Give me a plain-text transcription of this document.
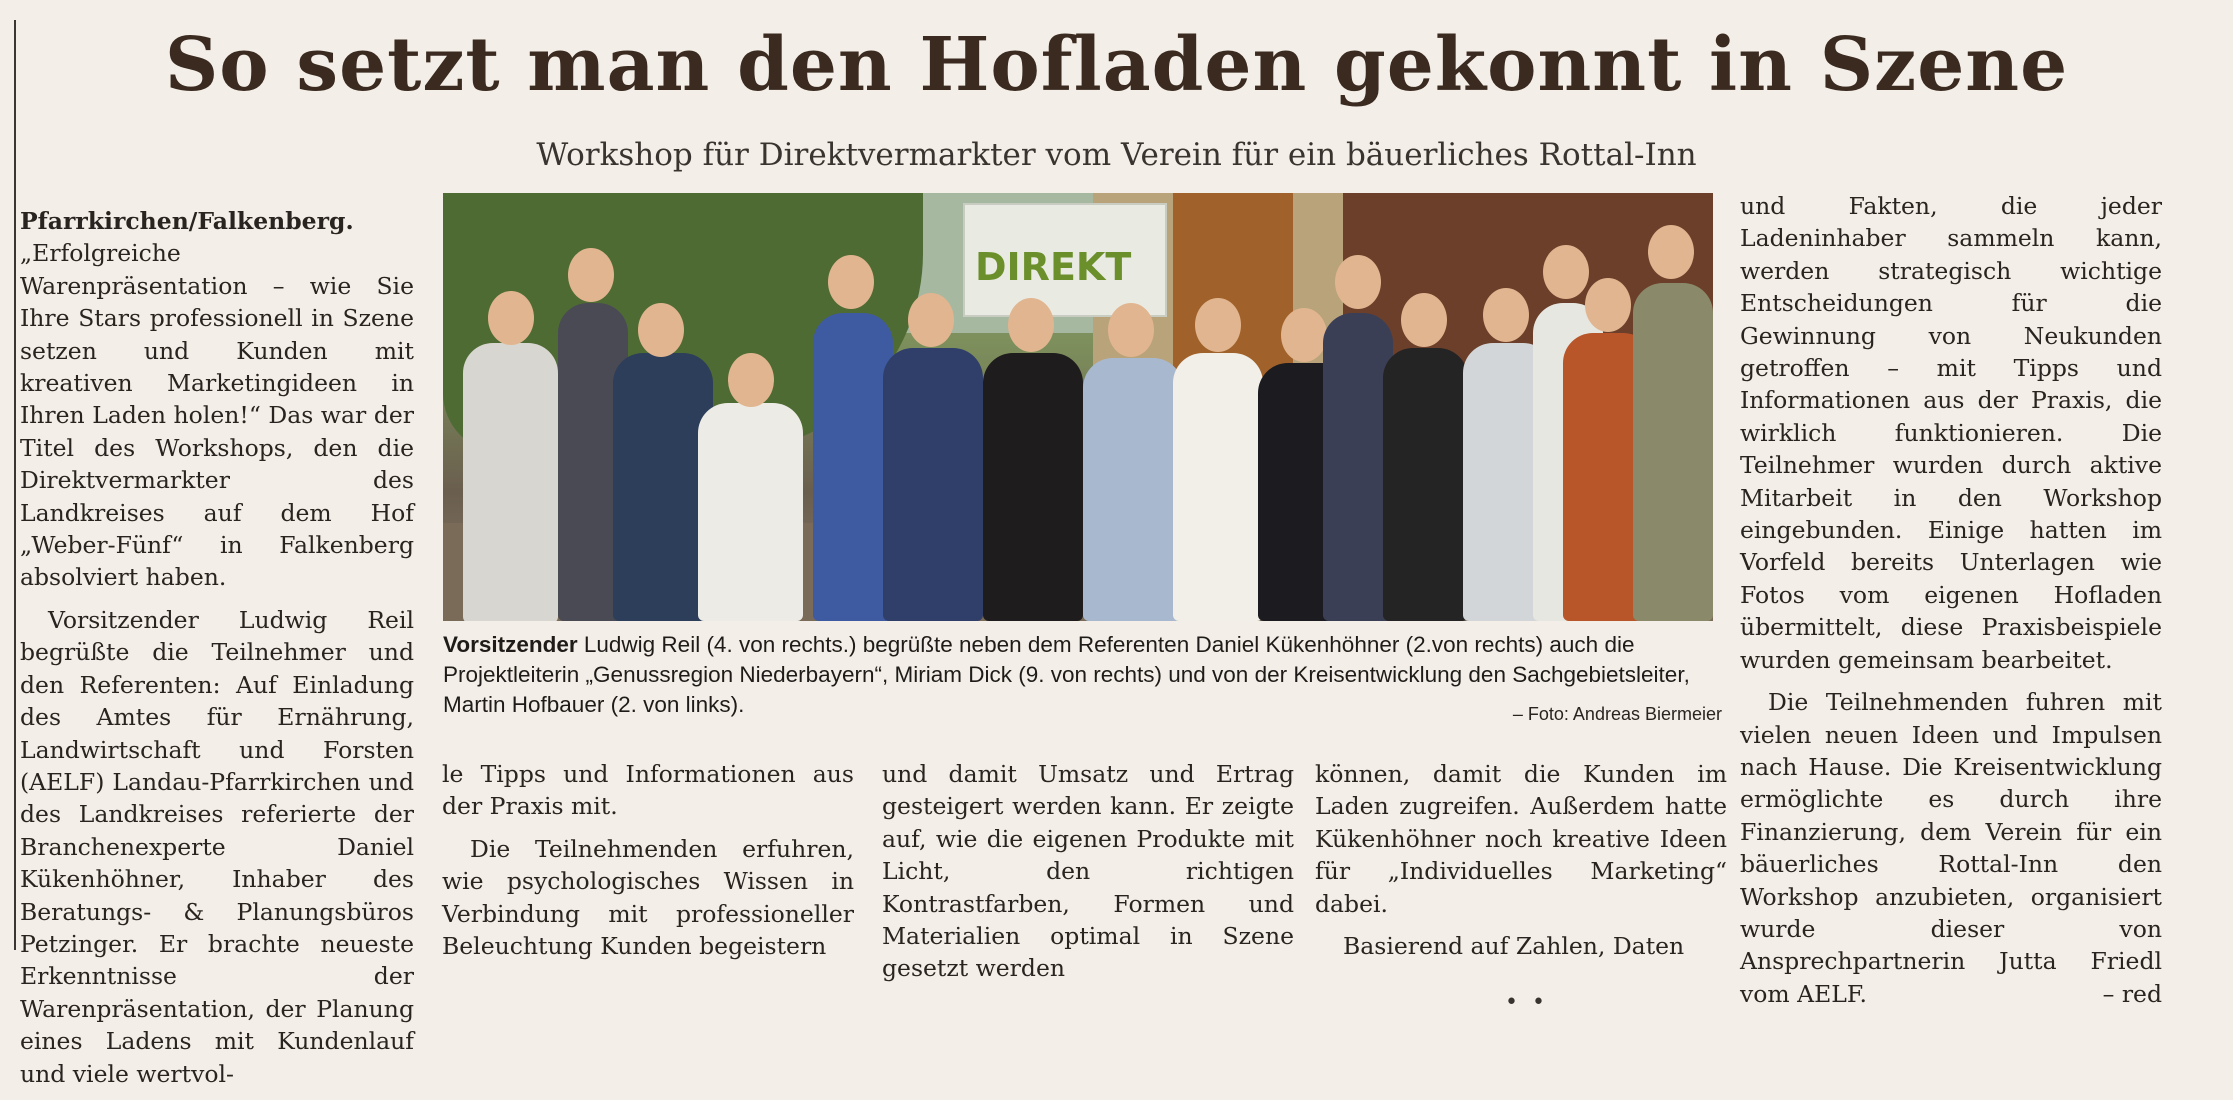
So setzt man den Hofladen gekonnt in Szene
Workshop für Direktvermarkter vom Verein für ein bäuerliches Rottal-Inn

Pfarrkirchen/Falkenberg. „Erfolgreiche Warenpräsentation – wie Sie Ihre Stars professionell in Szene setzen und Kunden mit kreativen Marketingideen in Ihren Laden holen!“ Das war der Titel des Workshops, den die Direktvermarkter des Landkreises auf dem Hof „Weber-Fünf“ in Falkenberg absolviert haben.

Vorsitzender Ludwig Reil begrüßte die Teilnehmer und den Referenten: Auf Einladung des Amtes für Ernährung, Landwirtschaft und Forsten (AELF) Landau-Pfarrkirchen und des Landkreises referierte der Branchenexperte Daniel Kükenhöhner, Inhaber des Beratungs- & Planungsbüros Petzinger. Er brachte neueste Erkenntnisse der Warenpräsentation, der Planung eines Ladens mit Kundenlauf und viele wertvol-

DIREKT
Vorsitzender Ludwig Reil (4. von rechts.) begrüßte neben dem Referenten Daniel Kükenhöhner (2.von rechts) auch die Projektleiterin „Genussregion Niederbayern“, Miriam Dick (9. von rechts) und von der Kreisentwicklung den Sachgebietsleiter, Martin Hofbauer (2. von links).	– Foto: Andreas Biermeier

le Tipps und Informationen aus der Praxis mit.

Die Teilnehmenden erfuhren, wie psychologisches Wissen in Verbindung mit professioneller Beleuchtung Kunden begeistern

und damit Umsatz und Ertrag gesteigert werden kann. Er zeigte auf, wie die eigenen Produkte mit Licht, den richtigen Kontrastfarben, Formen und Materialien optimal in Szene gesetzt werden

können, damit die Kunden im Laden zugreifen. Außerdem hatte Kükenhöhner noch kreative Ideen für „Individuelles Marketing“ dabei.

Basierend auf Zahlen, Daten

und Fakten, die jeder Ladeninhaber sammeln kann, werden strategisch wichtige Entscheidungen für die Gewinnung von Neukunden getroffen – mit Tipps und Informationen aus der Praxis, die wirklich funktionieren. Die Teilnehmer wurden durch aktive Mitarbeit in den Workshop eingebunden. Einige hatten im Vorfeld bereits Unterlagen wie Fotos vom eigenen Hofladen übermittelt, diese Praxisbeispiele wurden gemeinsam bearbeitet.

Die Teilnehmenden fuhren mit vielen neuen Ideen und Impulsen nach Hause. Die Kreisentwicklung ermöglichte es durch ihre Finanzierung, dem Verein für ein bäuerliches Rottal-Inn den Workshop anzubieten, organisiert wurde dieser von Ansprechpartnerin Jutta Friedl vom AELF.	– red

•  •
